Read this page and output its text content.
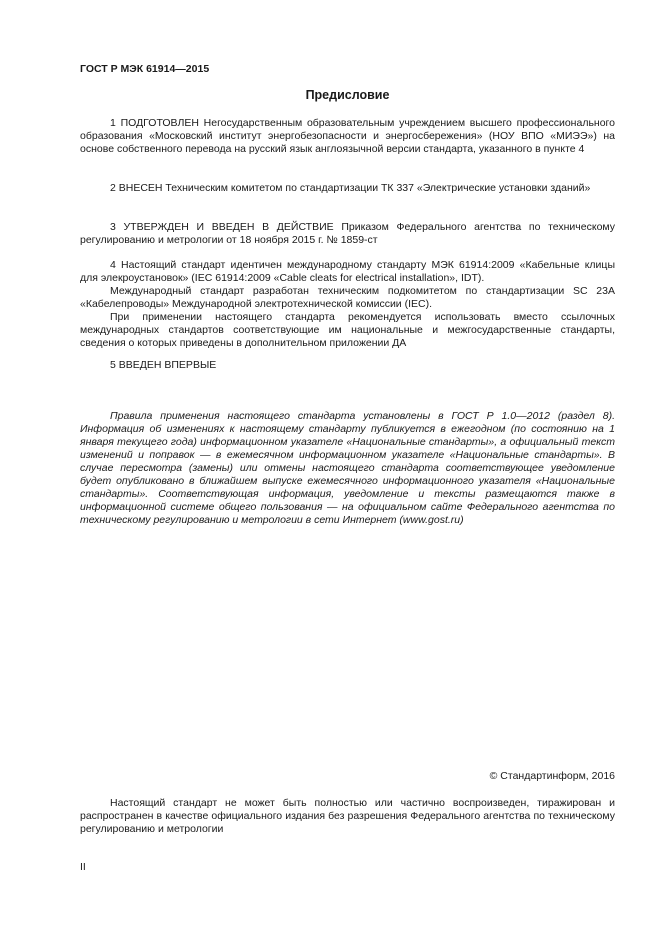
ГОСТ Р МЭК 61914—2015
Предисловие

1 ПОДГОТОВЛЕН Негосударственным образовательным учреждением высшего профессионального образования «Московский институт энергобезопасности и энергосбережения» (НОУ ВПО «МИЭЭ») на основе собственного перевода на русский язык англоязычной версии стандарта, указанного в пункте 4

2 ВНЕСЕН Техническим комитетом по стандартизации ТК 337 «Электрические установки зданий»

3 УТВЕРЖДЕН И ВВЕДЕН В ДЕЙСТВИЕ Приказом Федерального агентства по техническому регулированию и метрологии от 18 ноября 2015 г. № 1859-ст

4 Настоящий стандарт идентичен международному стандарту МЭК 61914:2009 «Кабельные клицы для элекроустановок» (IEC 61914:2009 «Cable cleats for electrical installation», IDT).

Международный стандарт разработан техническим подкомитетом по стандартизации SC 23A «Кабелепроводы» Международной электротехнической комиссии (IEC).

При применении настоящего стандарта рекомендуется использовать вместо ссылочных международных стандартов соответствующие им национальные и межгосударственные стандарты, сведения о которых приведены в дополнительном приложении ДА

5 ВВЕДЕН ВПЕРВЫЕ

Правила применения настоящего стандарта установлены в ГОСТ Р 1.0—2012 (раздел 8). Информация об изменениях к настоящему стандарту публикуется в ежегодном (по состоянию на 1 января текущего года) информационном указателе «Национальные стандарты», а официальный текст изменений и поправок — в ежемесячном информационном указателе «Национальные стандарты». В случае пересмотра (замены) или отмены настоящего стандарта соответствующее уведомление будет опубликовано в ближайшем выпуске ежемесячного информационного указателя «Национальные стандарты». Соответствующая информация, уведомление и тексты размещаются также в информационной системе общего пользования — на официальном сайте Федерального агентства по техническому регулированию и метрологии в сети Интернет (www.gost.ru)

© Стандартинформ, 2016

Настоящий стандарт не может быть полностью или частично воспроизведен, тиражирован и распространен в качестве официального издания без разрешения Федерального агентства по техническому регулированию и метрологии

II
